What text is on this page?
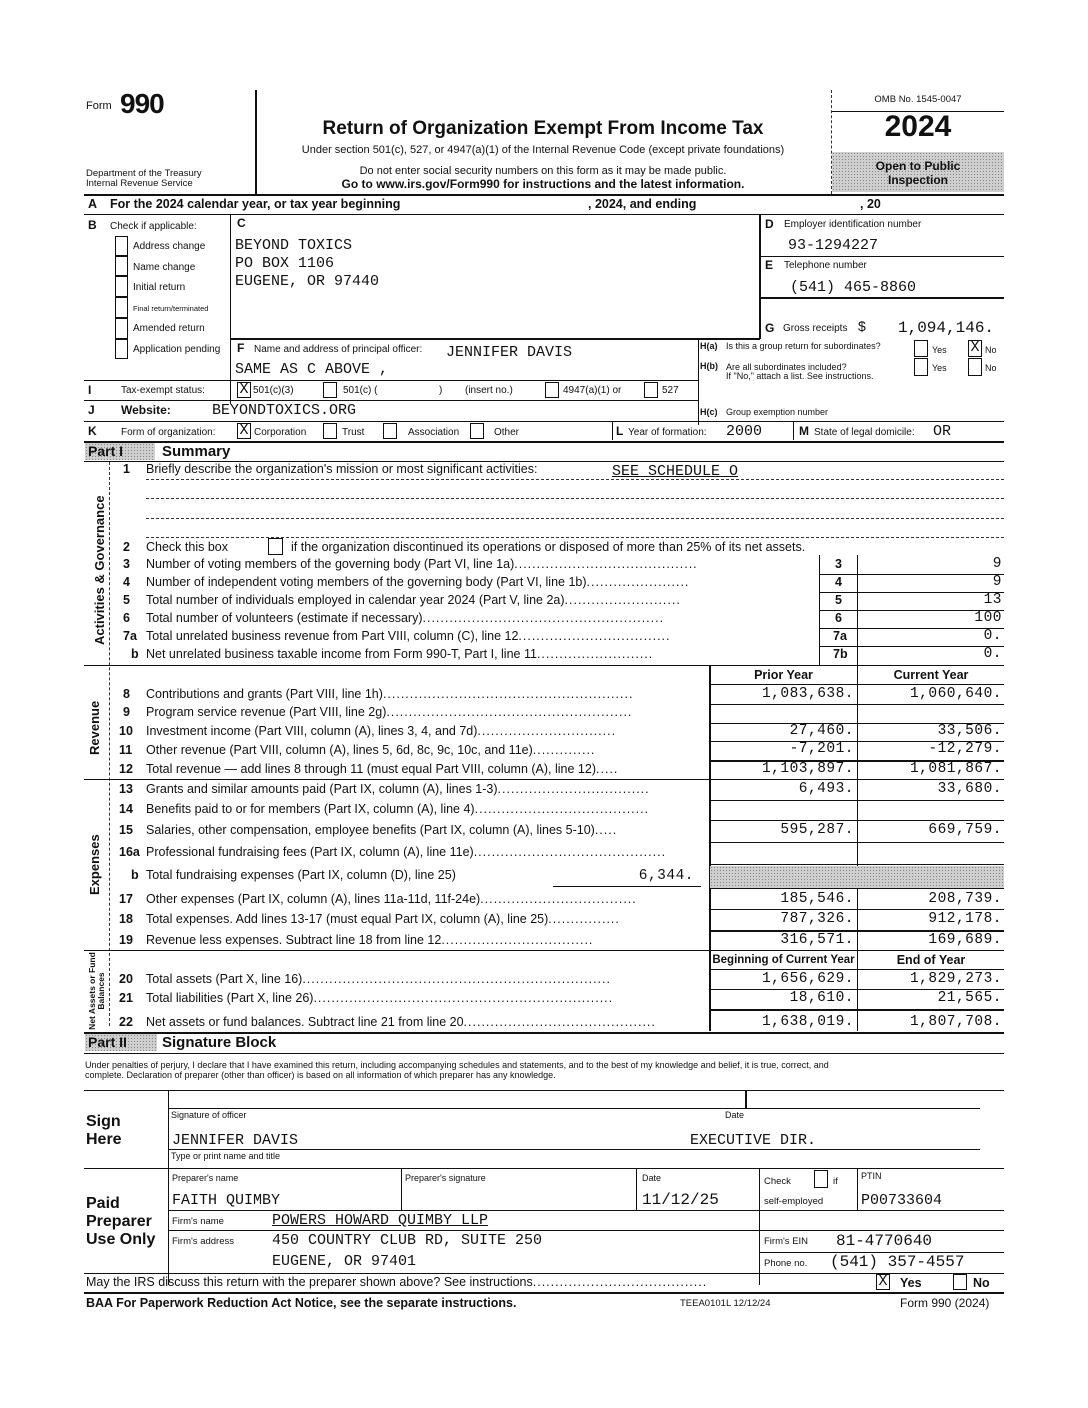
Form 990
Department of the Treasury
Internal Revenue Service
Return of Organization Exempt From Income Tax
Under section 501(c), 527, or 4947(a)(1) of the Internal Revenue Code (except private foundations)
Do not enter social security numbers on this form as it may be made public.
Go to www.irs.gov/Form990 for instructions and the latest information.
OMB No. 1545-0047
2024
Open to Public
Inspection
A For the 2024 calendar year, or tax year beginning	, 2024, and ending	, 20
B Check if applicable:
Address change
Name change
Initial return
Final return/terminated
Amended return
Application pending
C
BEYOND TOXICS
PO BOX 1106
EUGENE, OR 97440
D Employer identification number
93-1294227
E Telephone number
(541) 465-8860
G Gross receipts $ 1,094,146.
F Name and address of principal officer: JENNIFER DAVIS
SAME AS C ABOVE ,
H(a) Is this a group return for subordinates?	Yes X No
H(b) Are all subordinates included?
If "No," attach a list. See instructions.
Yes	No
H(c) Group exemption number
I	Tax-exempt status: X 501(c)(3)	501(c) (	) (insert no.)	4947(a)(1) or	527
J Website:	BEYONDTOXICS.ORG
K Form of organization: X Corporation	Trust	Association	Other	L Year of formation: 2000	M State of legal domicile: OR
Part I	Summary
Activities & Governance
1 Briefly describe the organization's mission or most significant activities:	SEE SCHEDULE O
2 Check this box	if the organization discontinued its operations or disposed of more than 25% of its net assets.
3 Number of voting members of the governing body (Part VI, line 1a).........................................	3	9
4 Number of independent voting members of the governing body (Part VI, line 1b).......................	4	9
5 Total number of individuals employed in calendar year 2024 (Part V, line 2a)..........................	5	13
6 Total number of volunteers (estimate if necessary)......................................................	6	100
7a Total unrelated business revenue from Part VIII, column (C), line 12..................................	7a	0.
b Net unrelated business taxable income from Form 990-T, Part I, line 11..........................	7b	0.
Prior Year	Current Year
Revenue
8 Contributions and grants (Part VIII, line 1h)........................................................	1,083,638.	1,060,640.
9 Program service revenue (Part VIII, line 2g).......................................................
10 Investment income (Part VIII, column (A), lines 3, 4, and 7d)...............................	27,460.	33,506.
11 Other revenue (Part VIII, column (A), lines 5, 6d, 8c, 9c, 10c, and 11e)..............	-7,201.	-12,279.
12 Total revenue — add lines 8 through 11 (must equal Part VIII, column (A), line 12).....	1,103,897.	1,081,867.
Expenses
13 Grants and similar amounts paid (Part IX, column (A), lines 1-3)..................................	6,493.	33,680.
14 Benefits paid to or for members (Part IX, column (A), line 4).......................................
15 Salaries, other compensation, employee benefits (Part IX, column (A), lines 5-10).....	595,287.	669,759.
16a Professional fundraising fees (Part IX, column (A), line 11e)...........................................
b Total fundraising expenses (Part IX, column (D), line 25)	6,344.
17 Other expenses (Part IX, column (A), lines 11a-11d, 11f-24e)...................................	185,546.	208,739.
18 Total expenses. Add lines 13-17 (must equal Part IX, column (A), line 25)................	787,326.	912,178.
19 Revenue less expenses. Subtract line 18 from line 12..................................	316,571.	169,689.
Net Assets or Fund Balances
Beginning of Current Year	End of Year
20 Total assets (Part X, line 16).....................................................................	1,656,629.	1,829,273.
21 Total liabilities (Part X, line 26)...................................................................	18,610.	21,565.
22 Net assets or fund balances. Subtract line 21 from line 20...........................................	1,638,019.	1,807,708.
Part II	Signature Block
Under penalties of perjury, I declare that I have examined this return, including accompanying schedules and statements, and to the best of my knowledge and belief, it is true, correct, and
complete. Declaration of preparer (other than officer) is based on all information of which preparer has any knowledge.
Sign
Here
Signature of officer	Date
JENNIFER DAVIS	EXECUTIVE DIR.
Type or print name and title
Paid
Preparer
Use Only
Preparer's name
FAITH QUIMBY
Preparer's signature	Date
11/12/25
Check	if
self-employed
PTIN
P00733604
Firm's name	POWERS HOWARD QUIMBY LLP
Firm's address	450 COUNTRY CLUB RD, SUITE 250	Firm's EIN 81-4770640
EUGENE, OR 97401	Phone no. (541) 357-4557
May the IRS discuss this return with the preparer shown above? See instructions.......................................	X Yes	No
BAA For Paperwork Reduction Act Notice, see the separate instructions.	TEEA0101L 12/12/24	Form 990 (2024)
